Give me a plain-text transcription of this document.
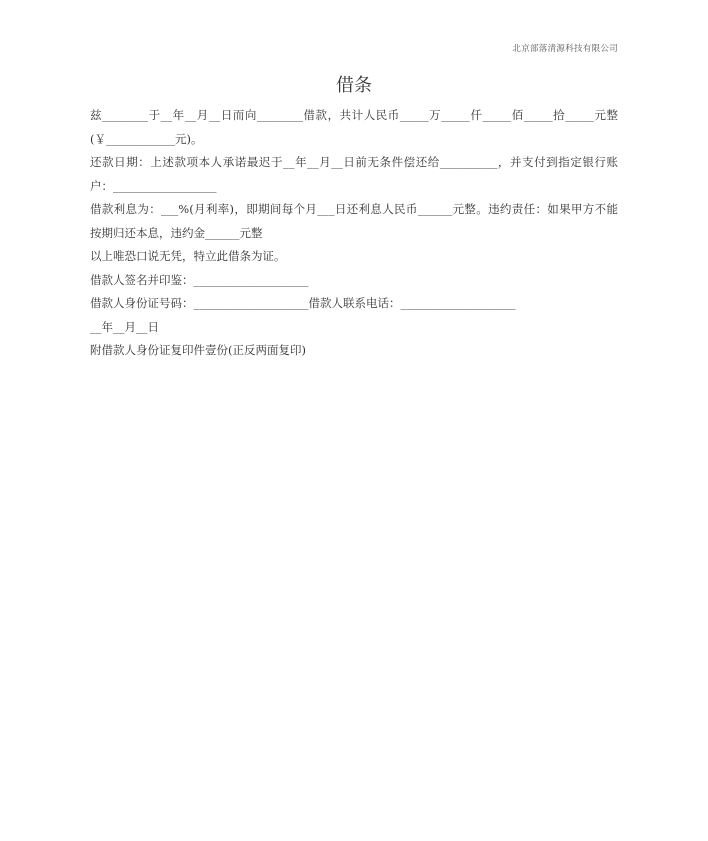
北京部落清源科技有限公司
借条
兹________于__年__月__日而向________借款，共计人民币_____万_____仟_____佰_____拾_____元整
(￥____________元)。
还款日期：上述款项本人承诺最迟于__年__月__日前无条件偿还给__________，并支付到指定银行账
户：__________________
借款利息为：___%(月利率)，即期间每个月___日还利息人民币______元整。违约责任：如果甲方不能
按期归还本息，违约金______元整
以上唯恐口说无凭，特立此借条为证。
借款人签名并印鉴：____________________
借款人身份证号码：____________________借款人联系电话：____________________
__年__月__日
附借款人身份证复印件壹份(正反两面复印)
